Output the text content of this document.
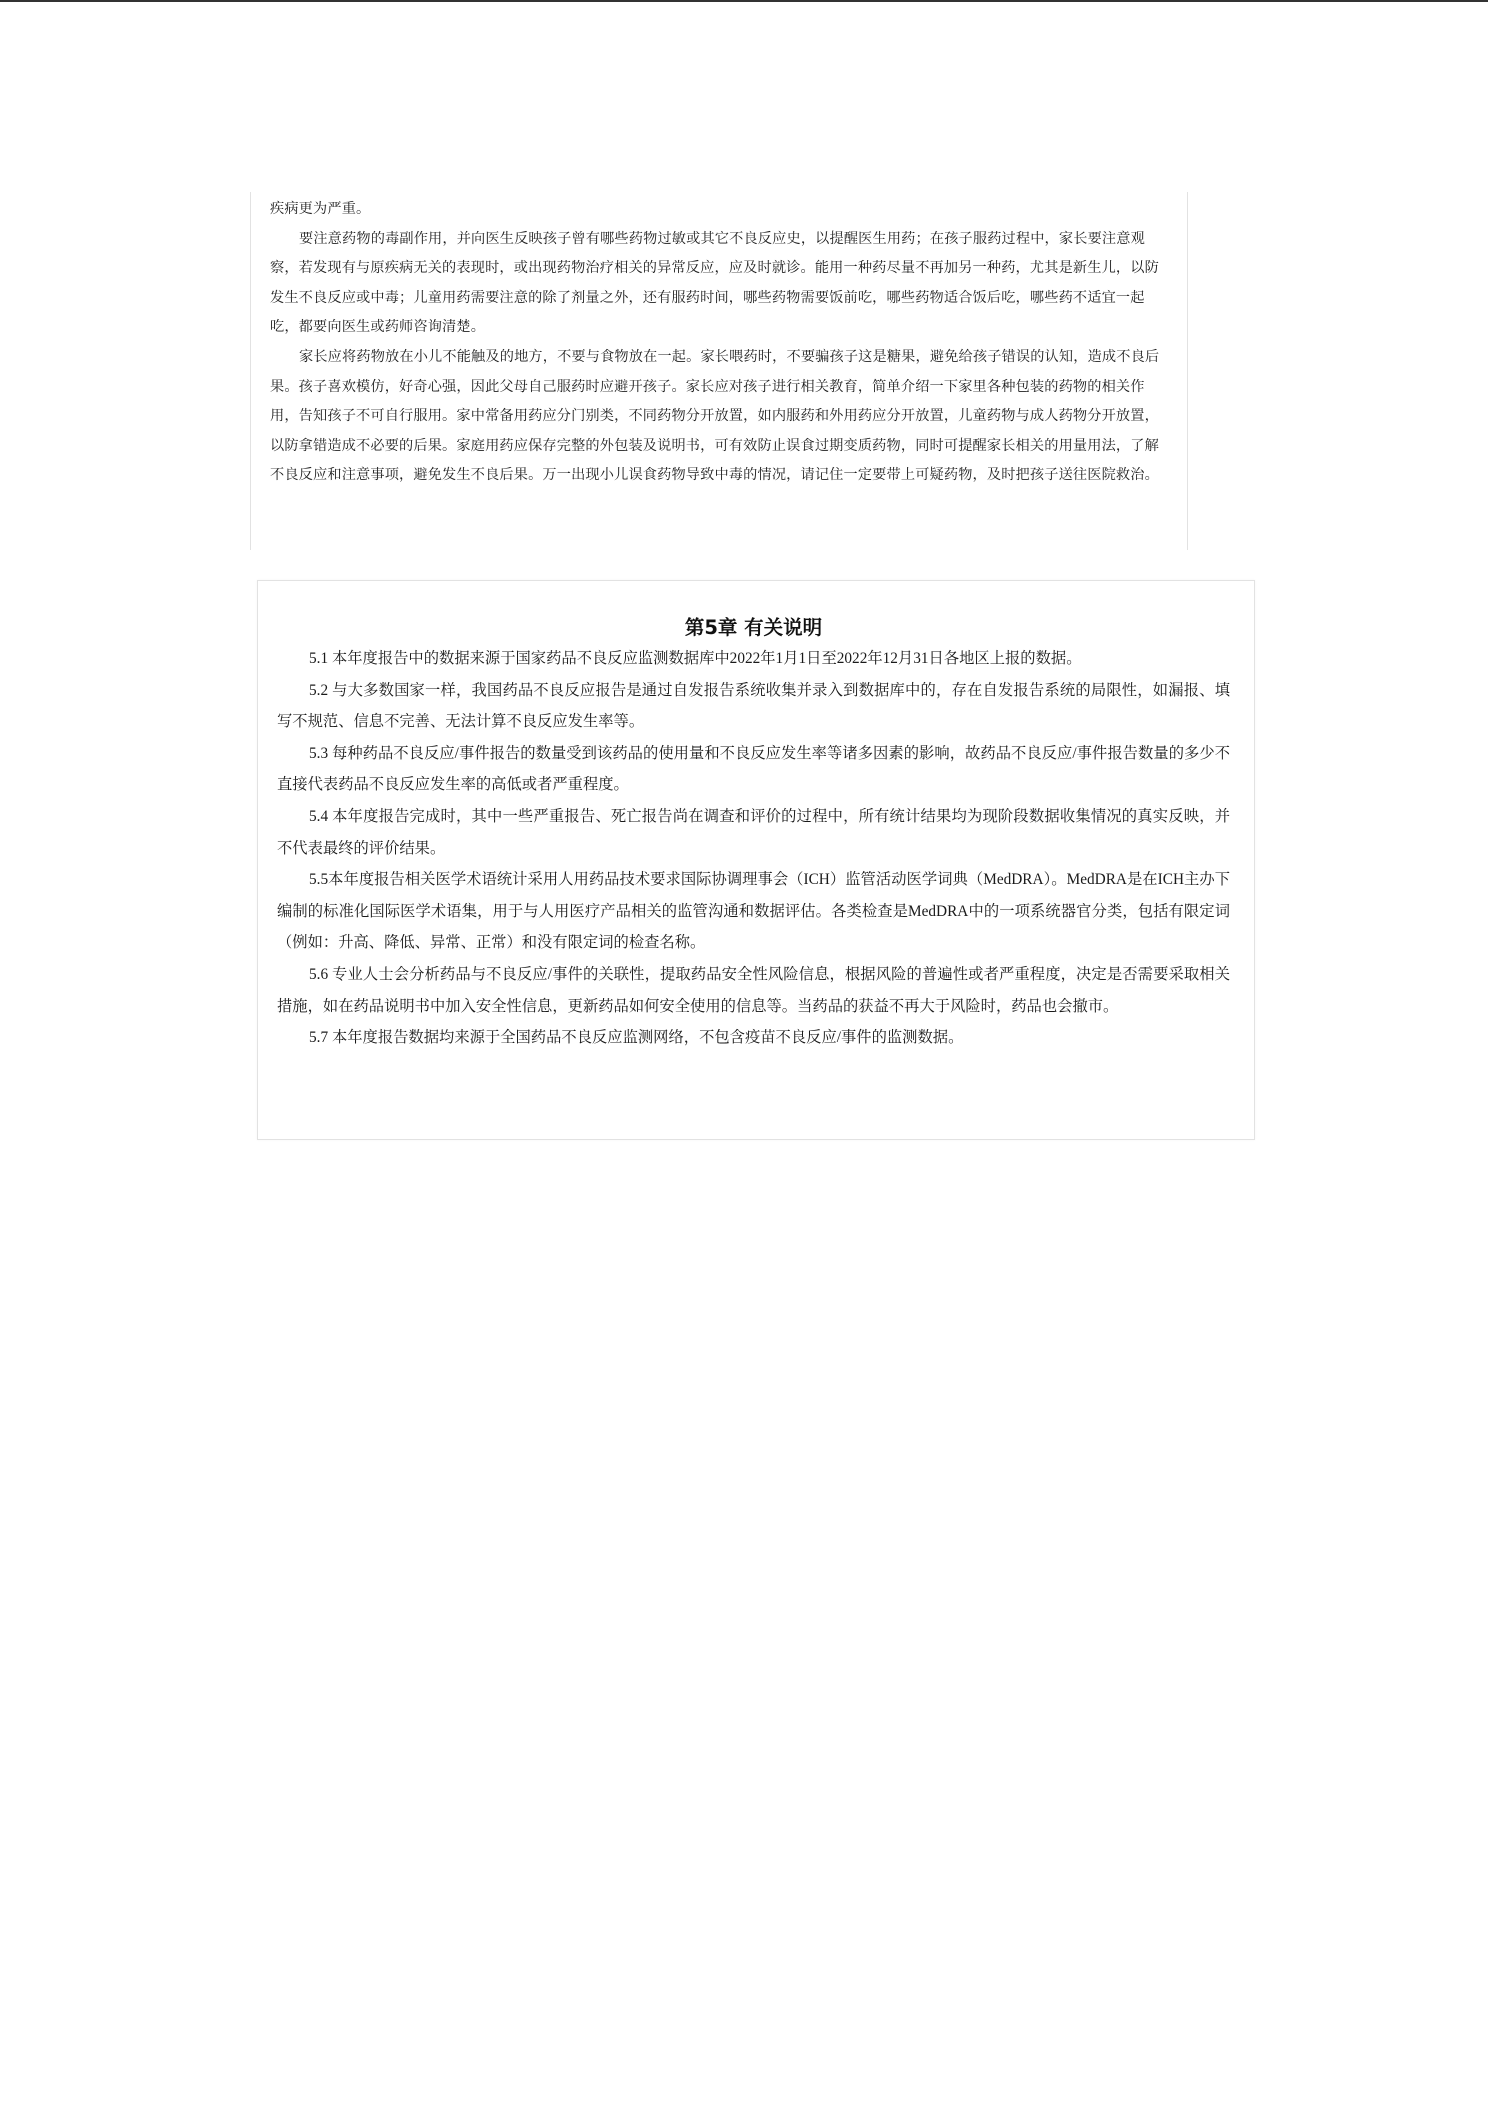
疾病更为严重。

要注意药物的毒副作用，并向医生反映孩子曾有哪些药物过敏或其它不良反应史，以提醒医生用药；在孩子服药过程中，家长要注意观察，若发现有与原疾病无关的表现时，或出现药物治疗相关的异常反应，应及时就诊。能用一种药尽量不再加另一种药，尤其是新生儿，以防发生不良反应或中毒；儿童用药需要注意的除了剂量之外，还有服药时间，哪些药物需要饭前吃，哪些药物适合饭后吃，哪些药不适宜一起吃，都要向医生或药师咨询清楚。

家长应将药物放在小儿不能触及的地方，不要与食物放在一起。家长喂药时，不要骗孩子这是糖果，避免给孩子错误的认知，造成不良后果。孩子喜欢模仿，好奇心强，因此父母自己服药时应避开孩子。家长应对孩子进行相关教育，简单介绍一下家里各种包装的药物的相关作用，告知孩子不可自行服用。家中常备用药应分门别类，不同药物分开放置，如内服药和外用药应分开放置，儿童药物与成人药物分开放置，以防拿错造成不必要的后果。家庭用药应保存完整的外包装及说明书，可有效防止误食过期变质药物，同时可提醒家长相关的用量用法，了解不良反应和注意事项，避免发生不良后果。万一出现小儿误食药物导致中毒的情况，请记住一定要带上可疑药物，及时把孩子送往医院救治。

第5章 有关说明

5.1 本年度报告中的数据来源于国家药品不良反应监测数据库中2022年1月1日至2022年12月31日各地区上报的数据。

5.2 与大多数国家一样，我国药品不良反应报告是通过自发报告系统收集并录入到数据库中的，存在自发报告系统的局限性，如漏报、填写不规范、信息不完善、无法计算不良反应发生率等。

5.3 每种药品不良反应/事件报告的数量受到该药品的使用量和不良反应发生率等诸多因素的影响，故药品不良反应/事件报告数量的多少不直接代表药品不良反应发生率的高低或者严重程度。

5.4 本年度报告完成时，其中一些严重报告、死亡报告尚在调查和评价的过程中，所有统计结果均为现阶段数据收集情况的真实反映，并不代表最终的评价结果。

5.5本年度报告相关医学术语统计采用人用药品技术要求国际协调理事会（ICH）监管活动医学词典（MedDRA）。MedDRA是在ICH主办下编制的标准化国际医学术语集，用于与人用医疗产品相关的监管沟通和数据评估。各类检查是MedDRA中的一项系统器官分类，包括有限定词（例如：升高、降低、异常、正常）和没有限定词的检查名称。

5.6 专业人士会分析药品与不良反应/事件的关联性，提取药品安全性风险信息，根据风险的普遍性或者严重程度，决定是否需要采取相关措施，如在药品说明书中加入安全性信息，更新药品如何安全使用的信息等。当药品的获益不再大于风险时，药品也会撤市。

5.7 本年度报告数据均来源于全国药品不良反应监测网络，不包含疫苗不良反应/事件的监测数据。
